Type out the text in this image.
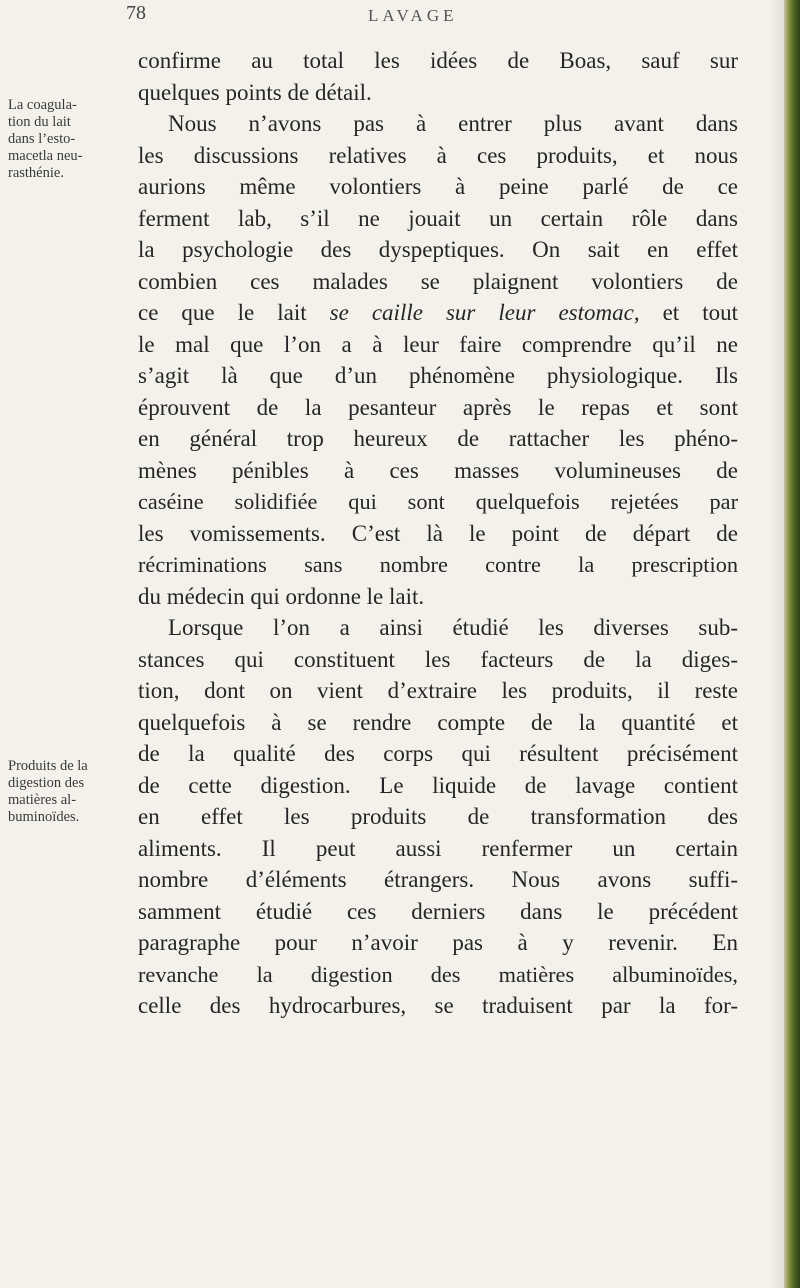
78	LAVAGE
La coagula-
tion du lait
dans l’esto-
macetla neu-
rasthénie.
Produits de la
digestion des
matières al-
buminoïdes.
confirme au total les idées de Boas, sauf sur
quelques points de détail.
Nous n’avons pas à entrer plus avant dans
les discussions relatives à ces produits, et nous
aurions même volontiers à peine parlé de ce
ferment lab, s’il ne jouait un certain rôle dans
la psychologie des dyspeptiques. On sait en effet
combien ces malades se plaignent volontiers de
ce que le lait se caille sur leur estomac, et tout
le mal que l’on a à leur faire comprendre qu’il ne
s’agit là que d’un phénomène physiologique. Ils
éprouvent de la pesanteur après le repas et sont
en général trop heureux de rattacher les phéno-
mènes pénibles à ces masses volumineuses de
caséine solidifiée qui sont quelquefois rejetées par
les vomissements. C’est là le point de départ de
récriminations sans nombre contre la prescription
du médecin qui ordonne le lait.
Lorsque l’on a ainsi étudié les diverses sub-
stances qui constituent les facteurs de la diges-
tion, dont on vient d’extraire les produits, il reste
quelquefois à se rendre compte de la quantité et
de la qualité des corps qui résultent précisément
de cette digestion. Le liquide de lavage contient
en effet les produits de transformation des
aliments. Il peut aussi renfermer un certain
nombre d’éléments étrangers. Nous avons suffi-
samment étudié ces derniers dans le précédent
paragraphe pour n’avoir pas à y revenir. En
revanche la digestion des matières albuminoïdes,
celle des hydrocarbures, se traduisent par la for-
